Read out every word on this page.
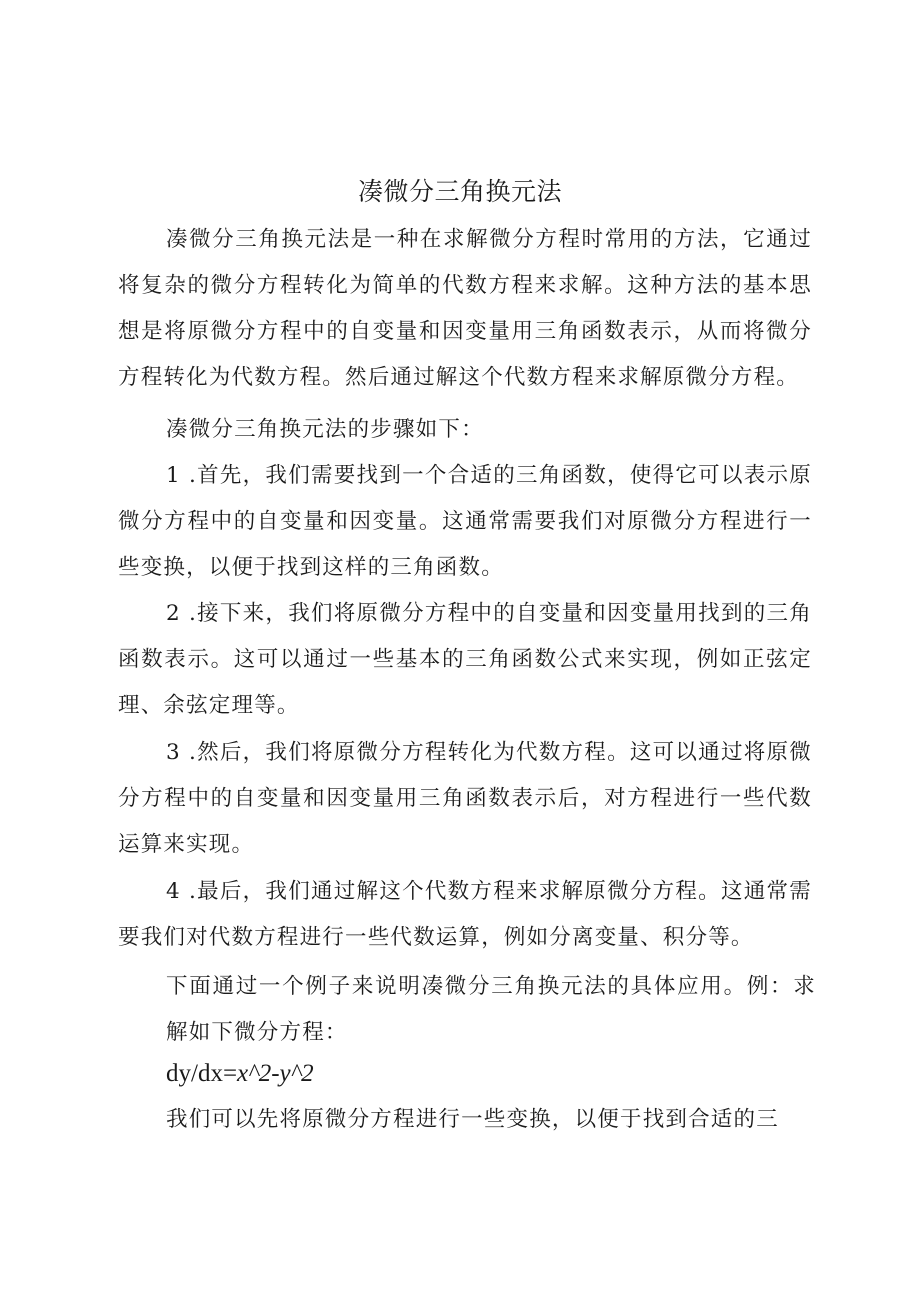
凑微分三角换元法

凑微分三角换元法是一种在求解微分方程时常用的方法，它通过将复杂的微分方程转化为简单的代数方程来求解。这种方法的基本思想是将原微分方程中的自变量和因变量用三角函数表示，从而将微分方程转化为代数方程。然后通过解这个代数方程来求解原微分方程。

凑微分三角换元法的步骤如下：

1 .首先，我们需要找到一个合适的三角函数，使得它可以表示原微分方程中的自变量和因变量。这通常需要我们对原微分方程进行一些变换，以便于找到这样的三角函数。

2 .接下来，我们将原微分方程中的自变量和因变量用找到的三角函数表示。这可以通过一些基本的三角函数公式来实现，例如正弦定理、余弦定理等。

3 .然后，我们将原微分方程转化为代数方程。这可以通过将原微分方程中的自变量和因变量用三角函数表示后，对方程进行一些代数运算来实现。

4 .最后，我们通过解这个代数方程来求解原微分方程。这通常需要我们对代数方程进行一些代数运算，例如分离变量、积分等。

下面通过一个例子来说明凑微分三角换元法的具体应用。例：求解如下微分方程：

dy/dx=x^2-y^2

我们可以先将原微分方程进行一些变换，以便于找到合适的三
